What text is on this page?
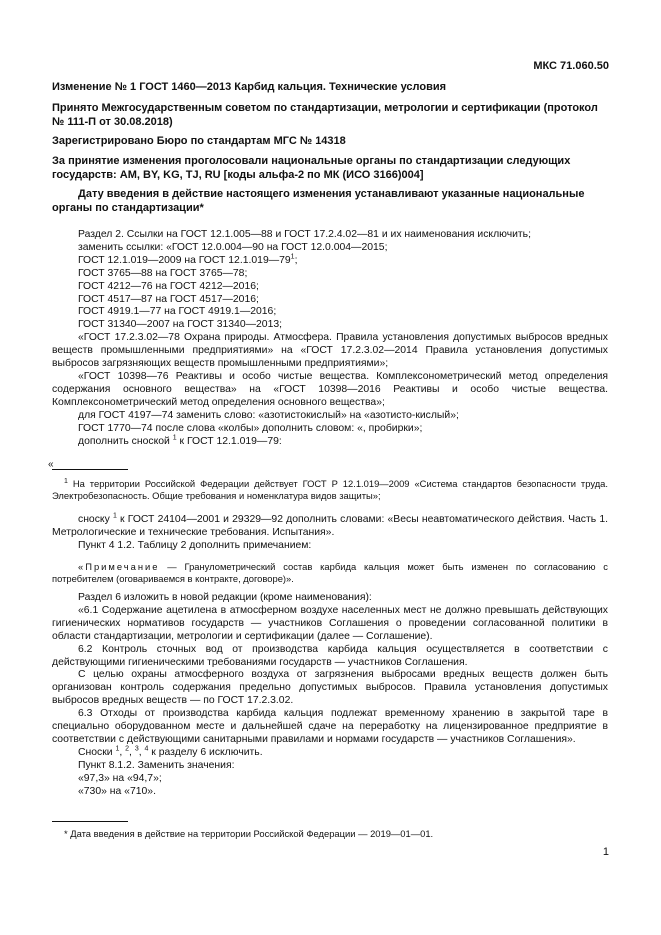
МКС 71.060.50
Изменение № 1 ГОСТ 1460—2013 Карбид кальция. Технические условия
Принято Межгосударственным советом по стандартизации, метрологии и сертификации (протокол № 111-П от 30.08.2018)
Зарегистрировано Бюро по стандартам МГС № 14318
За принятие изменения проголосовали национальные органы по стандартизации следующих государств: AM, BY, KG, TJ, RU [коды альфа-2 по МК (ИСО 3166)004]
Дату введения в действие настоящего изменения устанавливают указанные национальные органы по стандартизации*

Раздел 2. Ссылки на ГОСТ 12.1.005—88 и ГОСТ 17.2.4.02—81 и их наименования исключить;

заменить ссылки: «ГОСТ 12.0.004—90 на ГОСТ 12.0.004—2015;

ГОСТ 12.1.019—2009 на ГОСТ $12.1.019—79^1$;

ГОСТ 3765—88 на ГОСТ 3765—78;

ГОСТ 4212—76 на ГОСТ 4212—2016;

ГОСТ 4517—87 на ГОСТ 4517—2016;

ГОСТ 4919.1—77 на ГОСТ 4919.1—2016;

ГОСТ 31340—2007 на ГОСТ 31340—2013;

«ГОСТ 17.2.3.02—78 Охрана природы. Атмосфера. Правила установления допустимых выбросов вредных веществ промышленными предприятиями» на «ГОСТ 17.2.3.02—2014 Правила установления допустимых выбросов загрязняющих веществ промышленными предприятиями»;

«ГОСТ 10398—76 Реактивы и особо чистые вещества. Комплексонометрический метод определения содержания основного вещества» на «ГОСТ 10398—2016 Реактивы и особо чистые вещества. Комплексонометрический метод определения основного вещества»;

для ГОСТ 4197—74 заменить слово: «азотистокислый» на «азотисто-кислый»;

ГОСТ 1770—74 после слова «колбы» дополнить словом: «, пробирки»;

дополнить сноской $^1$ к ГОСТ 12.1.019—79:

«

$^1$ На территории Российской Федерации действует ГОСТ Р 12.1.019—2009 «Система стандартов безопасности труда. Электробезопасность. Общие требования и номенклатура видов защиты»;

сноску $^1$ к ГОСТ 24104—2001 и 29329—92 дополнить словами: «Весы неавтоматического действия. Часть 1. Метрологические и технические требования. Испытания».

Пункт 4 1.2. Таблицу 2 дополнить примечанием:

«Примечание — Гранулометрический состав карбида кальция может быть изменен по согласованию с потребителем (оговариваемся в контракте, договоре)».

Раздел 6 изложить в новой редакции (кроме наименования):

«6.1 Содержание ацетилена в атмосферном воздухе населенных мест не должно превышать действующих гигиенических нормативов государств — участников Соглашения о проведении согласованной политики в области стандартизации, метрологии и сертификации (далее — Соглашение).

6.2 Контроль сточных вод от производства карбида кальция осуществляется в соответствии с действующими гигиеническими требованиями государств — участников Соглашения.

С целью охраны атмосферного воздуха от загрязнения выбросами вредных веществ должен быть организован контроль содержания предельно допустимых выбросов. Правила установления допустимых выбросов вредных веществ — по ГОСТ 17.2.3.02.

6.3 Отходы от производства карбида кальция подлежат временному хранению в закрытой таре в специально оборудованном месте и дальнейшей сдаче на переработку на лицензированное предприятие в соответствии с действующими санитарными правилами и нормами государств — участников Соглашения».

Сноски $^1$, $^2$, $^3$, $^4$ к разделу 6 исключить.

Пункт 8.1.2. Заменить значения:

«97,3» на «94,7»;

«730» на «710».

* Дата введения в действие на территории Российской Федерации — 2019—01—01.

1
